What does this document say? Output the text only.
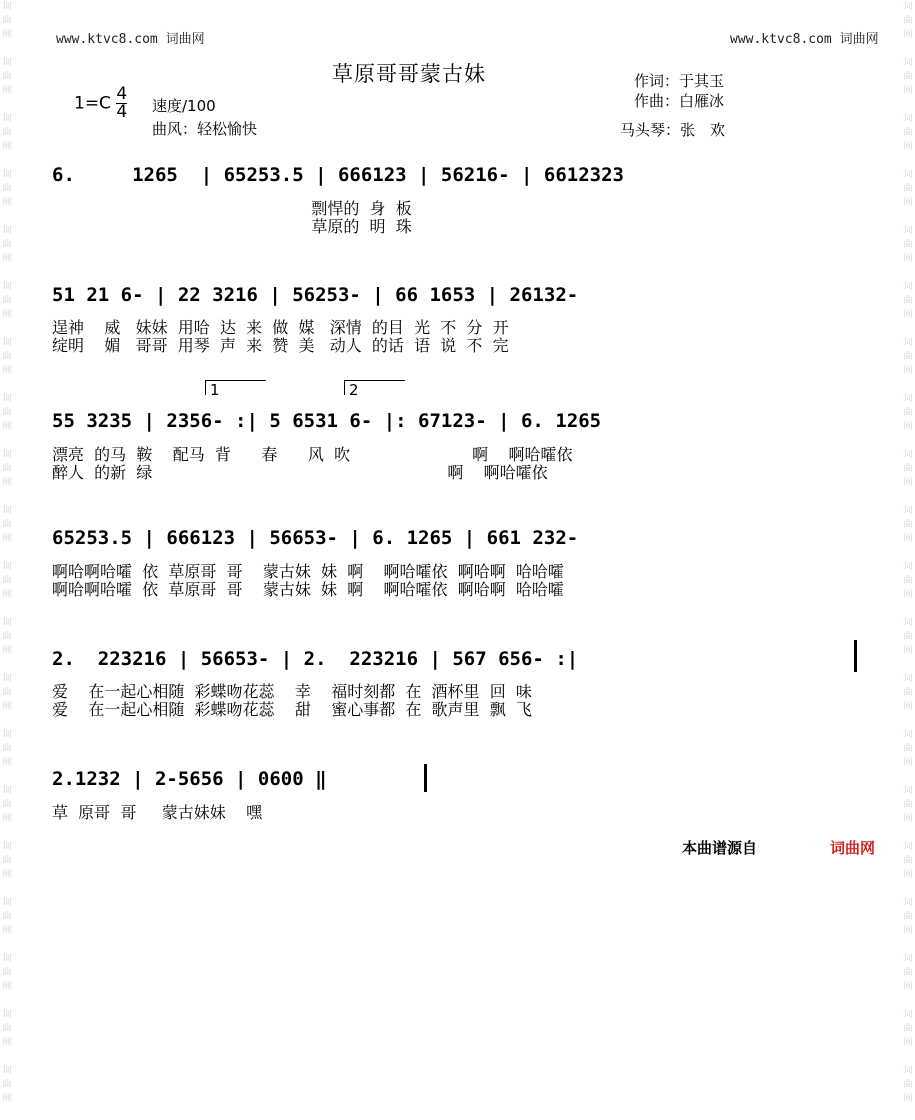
词
曲
网

词
曲
网

词
曲
网

词
曲
网

词
曲
网

词
曲
网

词
曲
网

词
曲
网

词
曲
网

词
曲
网

词
曲
网

词
曲
网

词
曲
网

词
曲
网

词
曲
网

词
曲
网

词
曲
网

词
曲
网

词
曲
网

词
曲
网

词
曲
网

词
曲
网

词
曲
网

词
曲
网

词
曲
网

词
曲
网

词
曲
网

词
曲
网

词
曲
网

词
曲
网

词
曲
网

词
曲
网

词
曲
网

词
曲
网

词
曲
网

词
曲
网

词
曲
网

词
曲
网

词
曲
网

词
曲
网

www.ktvc8.com 词曲网	www.ktvc8.com 词曲网
草原哥哥蒙古妹
$1=C \frac{4}{4}$ 速度/100
曲风：轻松愉快
作词：于其玉
作曲：白雁冰
马头琴：张　欢
6.     1265  | 65253.5 | 666123 | 56216- | 6612323
剽悍的  身  板
草原的  明  珠
51 21 6- | 22 3216 | 56253- | 66 1653 | 26132-
逞神    威   妹妹  用哈  达  来  做  媒   深情  的目  光  不  分  开
绽明    媚   哥哥  用琴  声  来  赞  美   动人  的话  语  说  不  完
1	2
55 3235 | 2356- :| 5 6531 6- |: 67123- | 6. 1265
漂亮  的马  鞍    配马  背      春      风  吹                        啊    啊哈嚯依
醉人  的新  绿                                                          啊    啊哈嚯依
65253.5 | 666123 | 56653- | 6. 1265 | 661 232-
啊哈啊哈嚯  依  草原哥  哥    蒙古妹  妹  啊    啊哈嚯依  啊哈啊  哈哈嚯
啊哈啊哈嚯  依  草原哥  哥    蒙古妹  妹  啊    啊哈嚯依  啊哈啊  哈哈嚯
2.  223216 | 56653- | 2.  223216 | 567 656- :|
爱    在一起心相随  彩蝶吻花蕊    幸    福时刻都  在  酒杯里  回  味
爱    在一起心相随  彩蝶吻花蕊    甜    蜜心事都  在  歌声里  飘  飞
2.1232 | 2-5656 | 0600 ‖
草  原哥  哥     蒙古妹妹    嘿
本曲谱源自	词曲网
